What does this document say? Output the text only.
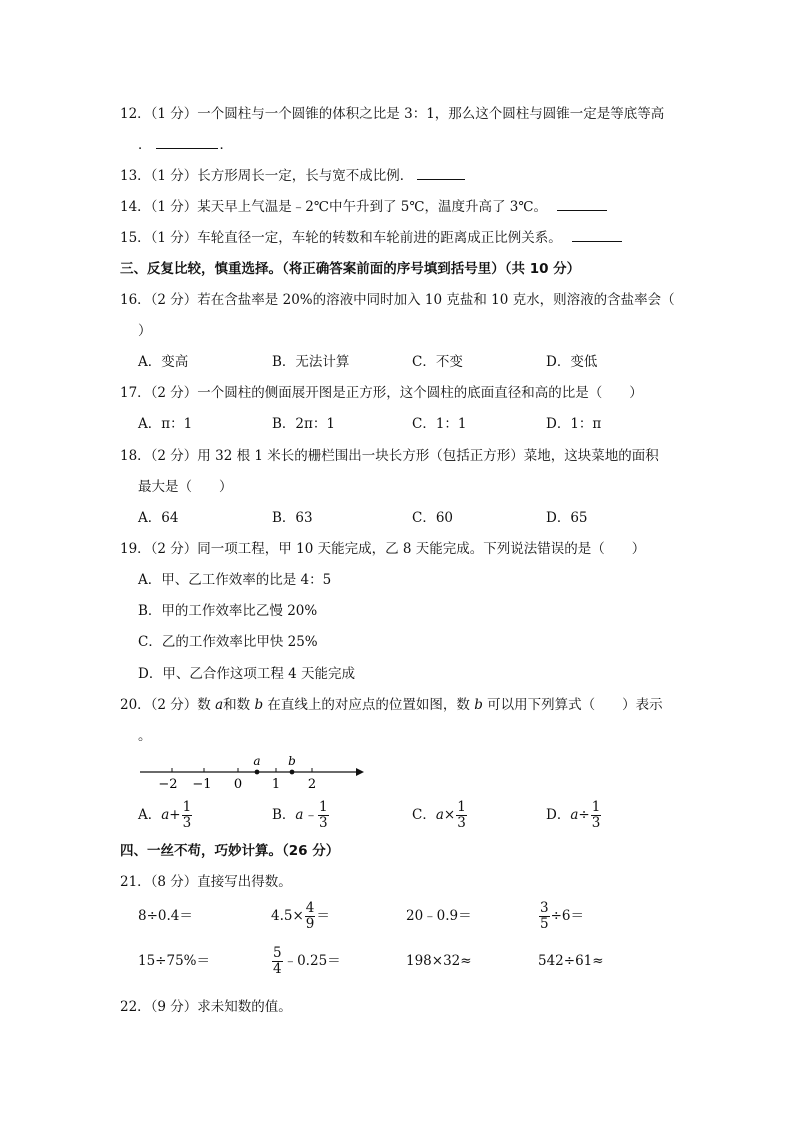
12．（1 分）一个圆柱与一个圆锥的体积之比是 3：1，那么这个圆柱与圆锥一定是等底等高
．	．
13．（1 分）长方形周长一定，长与宽不成比例．
14．（1 分）某天早上气温是﹣2℃中午升到了 5℃，温度升高了 3℃。
15．（1 分）车轮直径一定，车轮的转数和车轮前进的距离成正比例关系。
三、反复比较，慎重选择。（将正确答案前面的序号填到括号里）（共 10 分）
16．（2 分）若在含盐率是 20%的溶液中同时加入 10 克盐和 10 克水，则溶液的含盐率会（
）
A．变高	B．无法计算	C．不变	D．变低
17．（2 分）一个圆柱的侧面展开图是正方形，这个圆柱的底面直径和高的比是（　　）
A．π：1	B．2π：1	C．1：1	D．1：π
18．（2 分）用 32 根 1 米长的栅栏围出一块长方形（包括正方形）菜地，这块菜地的面积
最大是（　　）
A．64	B．63	C．60	D．65
19．（2 分）同一项工程，甲 10 天能完成，乙 8 天能完成。下列说法错误的是（　　）
A．甲、乙工作效率的比是 4：5
B．甲的工作效率比乙慢 20%
C．乙的工作效率比甲快 25%
D．甲、乙合作这项工程 4 天能完成
20．（2 分）数 a和数 b 在直线上的对应点的位置如图，数 b 可以用下列算式（　　）表示
。
a b
−2 −1 0 1 2
A．$a+ \frac{1}{3}$	B．a﹣ $\frac{1}{3}$	C．$a\times \frac{1}{3}$	D．$a\div \frac{1}{3}$
四、一丝不苟，巧妙计算。（26 分）
21．（8 分）直接写出得数。
8÷0.4＝	$4.5\times \frac{4}{9}$ ＝	20﹣0.9＝	$\frac{3}{5} \div 6=$
15÷75%＝	$\frac{5}{4}$ ﹣0.25＝	198×32≈	542÷61≈
22．（9 分）求未知数的值。
